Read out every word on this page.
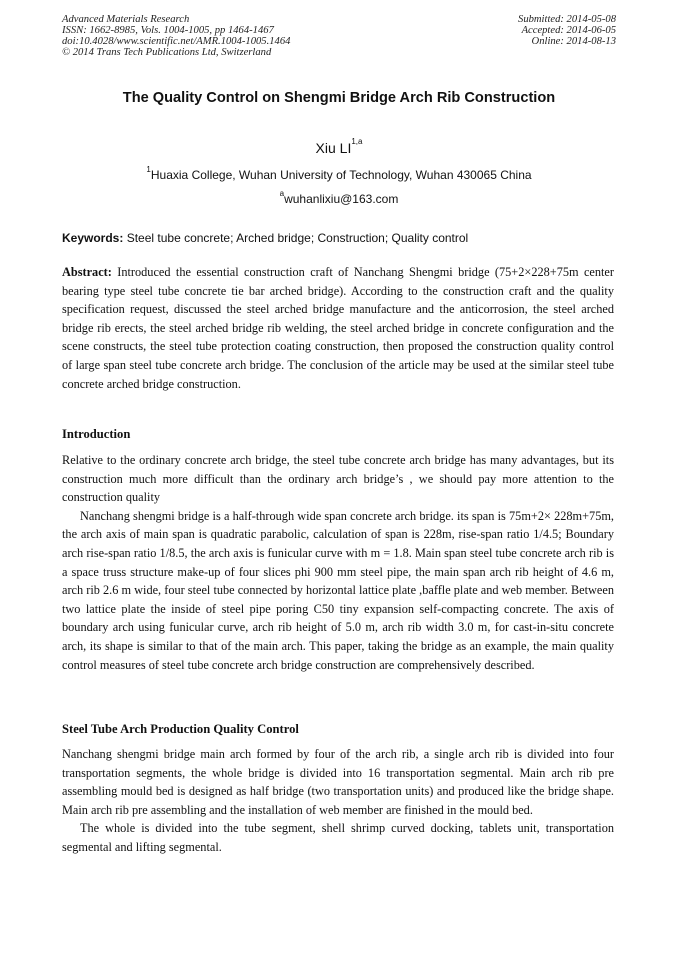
Advanced Materials Research
ISSN: 1662-8985, Vols. 1004-1005, pp 1464-1467
doi:10.4028/www.scientific.net/AMR.1004-1005.1464
© 2014 Trans Tech Publications Ltd, Switzerland
Submitted: 2014-05-08
Accepted: 2014-06-05
Online: 2014-08-13
The Quality Control on Shengmi Bridge Arch Rib Construction
Xiu LI$^{1,a}$
$^1$Huaxia College, Wuhan University of Technology, Wuhan 430065 China
$^a$wuhanlixiu@163.com
Keywords: Steel tube concrete; Arched bridge; Construction; Quality control

Abstract: Introduced the essential construction craft of Nanchang Shengmi bridge (75+2×228+75m center bearing type steel tube concrete tie bar arched bridge). According to the construction craft and the quality specification request, discussed the steel arched bridge manufacture and the anticorrosion, the steel arched bridge rib erects, the steel arched bridge rib welding, the steel arched bridge in concrete configuration and the scene constructs, the steel tube protection coating construction, then proposed the construction quality control of large span steel tube concrete arch bridge. The conclusion of the article may be used at the similar steel tube concrete arched bridge construction.

Introduction

Relative to the ordinary concrete arch bridge, the steel tube concrete arch bridge has many advantages, but its construction much more difficult than the ordinary arch bridge’s , we should pay more attention to the construction quality

Nanchang shengmi bridge is a half-through wide span concrete arch bridge. its span is 75m+2× 228m+75m, the arch axis of main span is quadratic parabolic, calculation of span is 228m, rise-span ratio 1/4.5; Boundary arch rise-span ratio 1/8.5, the arch axis is funicular curve with m = 1.8. Main span steel tube concrete arch rib is a space truss structure make-up of four slices phi 900 mm steel pipe, the main span arch rib height of 4.6 m, arch rib 2.6 m wide, four steel tube connected by horizontal lattice plate ,baffle plate and web member. Between two lattice plate the inside of steel pipe poring C50 tiny expansion self-compacting concrete. The axis of boundary arch using funicular curve, arch rib height of 5.0 m, arch rib width 3.0 m, for cast-in-situ concrete arch, its shape is similar to that of the main arch. This paper, taking the bridge as an example, the main quality control measures of steel tube concrete arch bridge construction are comprehensively described.

Steel Tube Arch Production Quality Control

Nanchang shengmi bridge main arch formed by four of the arch rib, a single arch rib is divided into four transportation segments, the whole bridge is divided into 16 transportation segmental. Main arch rib pre assembling mould bed is designed as half bridge (two transportation units) and produced like the bridge shape. Main arch rib pre assembling and the installation of web member are finished in the mould bed.

The whole is divided into the tube segment, shell shrimp curved docking, tablets unit, transportation segmental and lifting segmental.
